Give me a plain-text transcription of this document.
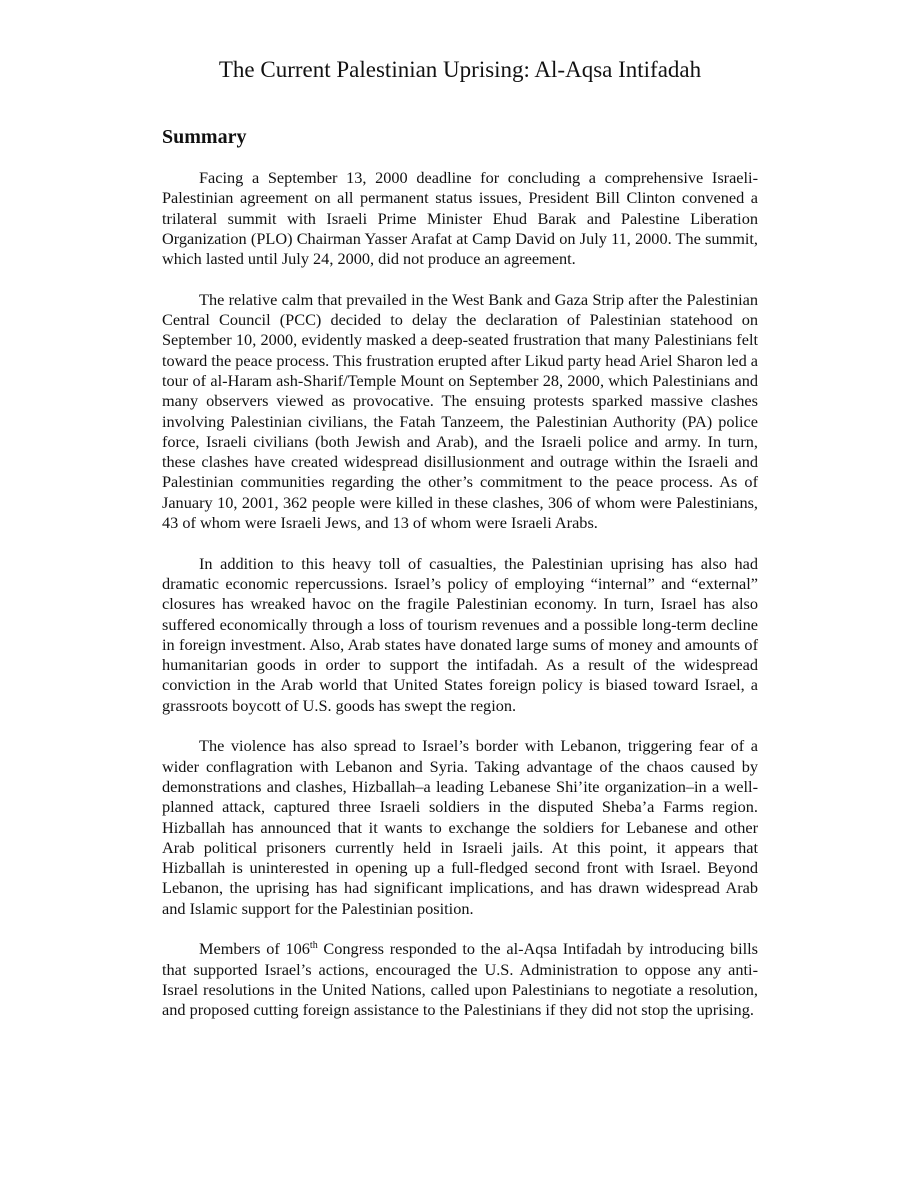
The Current Palestinian Uprising: Al-Aqsa Intifadah
Summary

Facing a September 13, 2000 deadline for concluding a comprehensive Israeli-Palestinian agreement on all permanent status issues, President Bill Clinton convened a trilateral summit with Israeli Prime Minister Ehud Barak and Palestine Liberation Organization (PLO) Chairman Yasser Arafat at Camp David on July 11, 2000. The summit, which lasted until July 24, 2000, did not produce an agreement.

The relative calm that prevailed in the West Bank and Gaza Strip after the Palestinian Central Council (PCC) decided to delay the declaration of Palestinian statehood on September 10, 2000, evidently masked a deep-seated frustration that many Palestinians felt toward the peace process. This frustration erupted after Likud party head Ariel Sharon led a tour of al-Haram ash-Sharif/Temple Mount on September 28, 2000, which Palestinians and many observers viewed as provocative. The ensuing protests sparked massive clashes involving Palestinian civilians, the Fatah Tanzeem, the Palestinian Authority (PA) police force, Israeli civilians (both Jewish and Arab), and the Israeli police and army. In turn, these clashes have created widespread disillusionment and outrage within the Israeli and Palestinian communities regarding the other’s commitment to the peace process. As of January 10, 2001, 362 people were killed in these clashes, 306 of whom were Palestinians, 43 of whom were Israeli Jews, and 13 of whom were Israeli Arabs.

In addition to this heavy toll of casualties, the Palestinian uprising has also had dramatic economic repercussions. Israel’s policy of employing “internal” and “external” closures has wreaked havoc on the fragile Palestinian economy. In turn, Israel has also suffered economically through a loss of tourism revenues and a possible long-term decline in foreign investment. Also, Arab states have donated large sums of money and amounts of humanitarian goods in order to support the intifadah. As a result of the widespread conviction in the Arab world that United States foreign policy is biased toward Israel, a grassroots boycott of U.S. goods has swept the region.

The violence has also spread to Israel’s border with Lebanon, triggering fear of a wider conflagration with Lebanon and Syria. Taking advantage of the chaos caused by demonstrations and clashes, Hizballah–a leading Lebanese Shi’ite organization–in a well-planned attack, captured three Israeli soldiers in the disputed Sheba’a Farms region. Hizballah has announced that it wants to exchange the soldiers for Lebanese and other Arab political prisoners currently held in Israeli jails. At this point, it appears that Hizballah is uninterested in opening up a full-fledged second front with Israel. Beyond Lebanon, the uprising has had significant implications, and has drawn widespread Arab and Islamic support for the Palestinian position.

Members of 106th Congress responded to the al-Aqsa Intifadah by introducing bills that supported Israel’s actions, encouraged the U.S. Administration to oppose any anti-Israel resolutions in the United Nations, called upon Palestinians to negotiate a resolution, and proposed cutting foreign assistance to the Palestinians if they did not stop the uprising.
